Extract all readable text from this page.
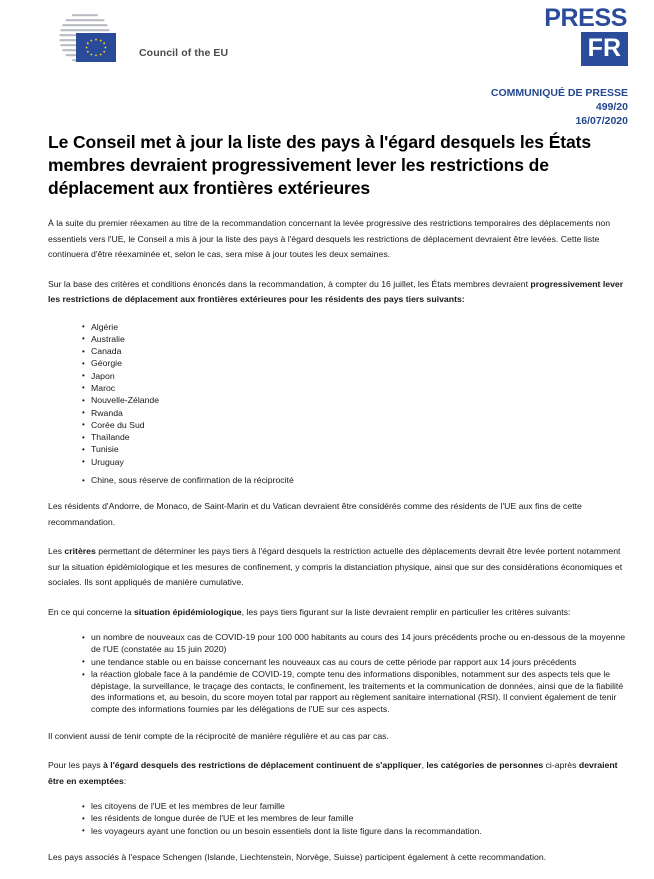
Council of the EU
PRESS
FR
COMMUNIQUÉ DE PRESSE
499/20
16/07/2020
Le Conseil met à jour la liste des pays à l'égard desquels les États membres devraient progressivement lever les restrictions de déplacement aux frontières extérieures

À la suite du premier réexamen au titre de la recommandation concernant la levée progressive des restrictions temporaires des déplacements non essentiels vers l'UE, le Conseil a mis à jour la liste des pays à l'égard desquels les restrictions de déplacement devraient être levées. Cette liste continuera d'être réexaminée et, selon le cas, sera mise à jour toutes les deux semaines.

Sur la base des critères et conditions énoncés dans la recommandation, à compter du 16 juillet, les États membres devraient progressivement lever les restrictions de déplacement aux frontières extérieures pour les résidents des pays tiers suivants:

• Algérie
• Australie
• Canada
• Géorgie
• Japon
• Maroc
• Nouvelle-Zélande
• Rwanda
• Corée du Sud
• Thaïlande
• Tunisie
• Uruguay
• Chine, sous réserve de confirmation de la réciprocité

Les résidents d'Andorre, de Monaco, de Saint-Marin et du Vatican devraient être considérés comme des résidents de l'UE aux fins de cette recommandation.

Les critères permettant de déterminer les pays tiers à l'égard desquels la restriction actuelle des déplacements devrait être levée portent notamment sur la situation épidémiologique et les mesures de confinement, y compris la distanciation physique, ainsi que sur des considérations économiques et sociales. Ils sont appliqués de manière cumulative.

En ce qui concerne la situation épidémiologique, les pays tiers figurant sur la liste devraient remplir en particulier les critères suivants:

• un nombre de nouveaux cas de COVID-19 pour 100 000 habitants au cours des 14 jours précédents proche ou en-dessous de la moyenne de l'UE (constatée au 15 juin 2020)
• une tendance stable ou en baisse concernant les nouveaux cas au cours de cette période par rapport aux 14 jours précédents
• la réaction globale face à la pandémie de COVID-19, compte tenu des informations disponibles, notamment sur des aspects tels que le dépistage, la surveillance, le traçage des contacts, le confinement, les traitements et la communication de données, ainsi que de la fiabilité des informations et, au besoin, du score moyen total par rapport au règlement sanitaire international (RSI). Il convient également de tenir compte des informations fournies par les délégations de l'UE sur ces aspects.

Il convient aussi de tenir compte de la réciprocité de manière régulière et au cas par cas.

Pour les pays à l'égard desquels des restrictions de déplacement continuent de s'appliquer, les catégories de personnes ci-après devraient être en exemptées:

• les citoyens de l'UE et les membres de leur famille
• les résidents de longue durée de l'UE et les membres de leur famille
• les voyageurs ayant une fonction ou un besoin essentiels dont la liste figure dans la recommandation.

Les pays associés à l'espace Schengen (Islande, Liechtenstein, Norvège, Suisse) participent également à cette recommandation.
